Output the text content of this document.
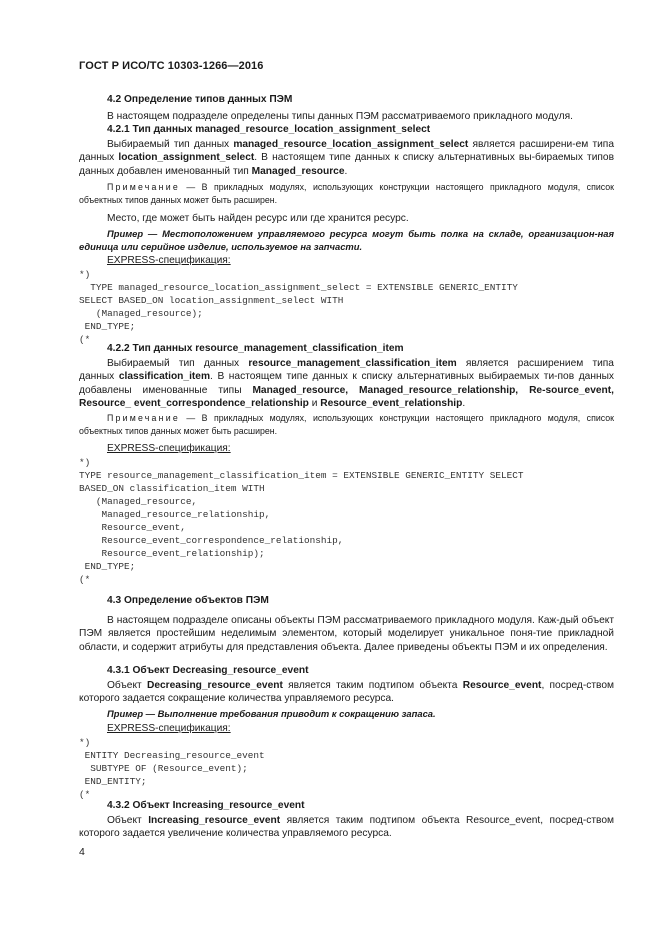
ГОСТ Р ИСО/ТС 10303-1266—2016
4.2 Определение типов данных ПЭМ
В настоящем подразделе определены типы данных ПЭМ рассматриваемого прикладного модуля.
4.2.1 Тип данных managed_resource_location_assignment_select
Выбираемый тип данных managed_resource_location_assignment_select является расширени-ем типа данных location_assignment_select. В настоящем типе данных к списку альтернативных вы-бираемых типов данных добавлен именованный тип Managed_resource.
Примечание — В прикладных модулях, использующих конструкции настоящего прикладного модуля, список объектных типов данных может быть расширен.
Место, где может быть найден ресурс или где хранится ресурс.
Пример — Местоположением управляемого ресурса могут быть полка на складе, организацион-ная единица или серийное изделие, используемое на запчасти.
EXPRESS-спецификация:
*)
TYPE managed_resource_location_assignment_select = EXTENSIBLE GENERIC_ENTITY
SELECT BASED_ON location_assignment_select WITH
(Managed_resource);
END_TYPE;
(*
4.2.2 Тип данных resource_management_classification_item
Выбираемый тип данных resource_management_classification_item является расширением типа данных classification_item. В настоящем типе данных к списку альтернативных выбираемых ти-пов данных добавлены именованные типы Managed_resource, Managed_resource_relationship, Re-source_event, Resource_ event_correspondence_relationship и Resource_event_relationship.
Примечание — В прикладных модулях, использующих конструкции настоящего прикладного модуля, список объектных типов данных может быть расширен.
EXPRESS-спецификация:
*)
TYPE resource_management_classification_item = EXTENSIBLE GENERIC_ENTITY SELECT
BASED_ON classification_item WITH
(Managed_resource,
Managed_resource_relationship,
Resource_event,
Resource_event_correspondence_relationship,
Resource_event_relationship);
END_TYPE;
(*
4.3 Определение объектов ПЭМ
В настоящем подразделе описаны объекты ПЭМ рассматриваемого прикладного модуля. Каж-дый объект ПЭМ является простейшим неделимым элементом, который моделирует уникальное поня-тие прикладной области, и содержит атрибуты для представления объекта. Далее приведены объекты ПЭМ и их определения.
4.3.1 Объект Decreasing_resource_event
Объект Decreasing_resource_event является таким подтипом объекта Resource_event, посред-ством которого задается сокращение количества управляемого ресурса.
Пример — Выполнение требования приводит к сокращению запаса.
EXPRESS-спецификация:
*)
ENTITY Decreasing_resource_event
SUBTYPE OF (Resource_event);
END_ENTITY;
(*
4.3.2 Объект Increasing_resource_event
Объект Increasing_resource_event является таким подтипом объекта Resource_event, посред-ством которого задается увеличение количества управляемого ресурса.
4
